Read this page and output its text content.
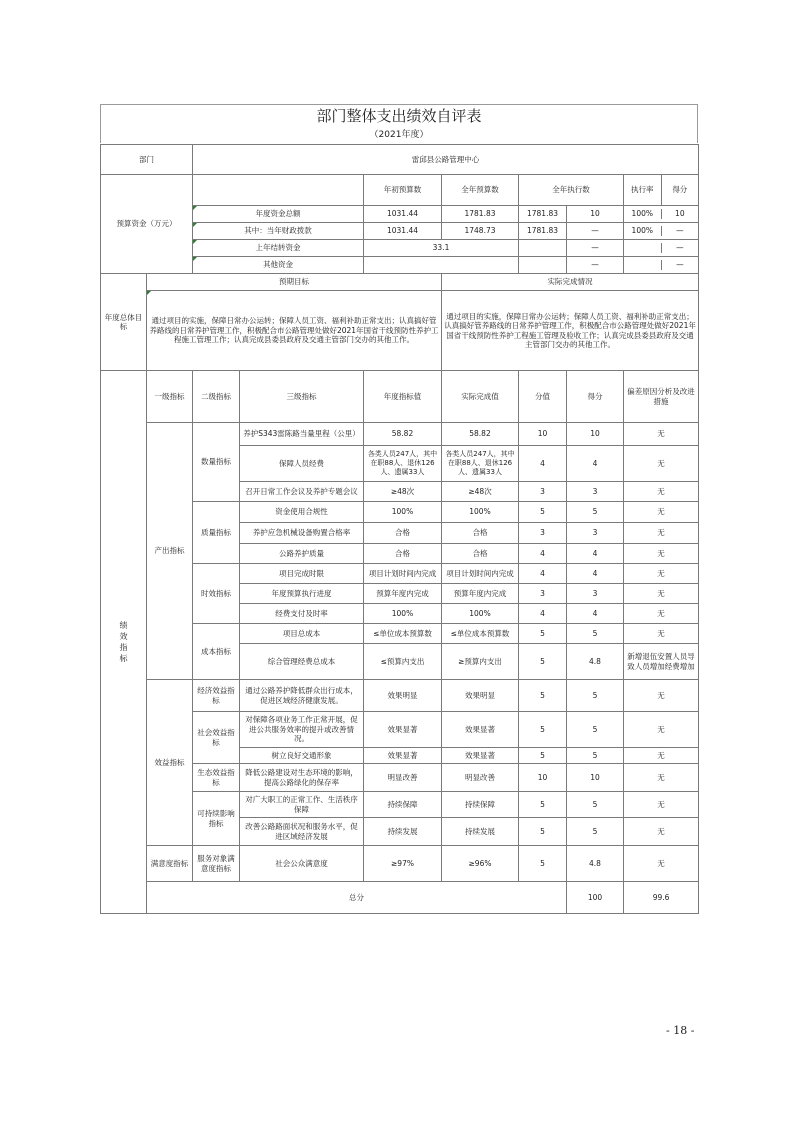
部门整体支出绩效自评表
（2021年度）
部门		雷邱县公路管理中心							
预算资金（万元）				年初预算数	全年预算数	全年执行数		执行率 得分	

		年度资金总额		1031.44	1781.83	1781.83	10	100% 10	

		其中：当年财政拨款		1031.44	1748.73	1781.83	—	100% —	

		上年结转资金		33.1			—	—	

		其他资金					—	—	

年度总体目标	预期目标				实际完成情况				
	通过项目的实施，保障日常办公运转；保障人员工资、福利补助正常支出；认真搞好管养路线的日常养护管理工作，积极配合市公路管理处做好2021年国省干线预防性养护工程施工管理工作；认真完成县委县政府及交通主管部门交办的其他工作。				通过项目的实施，保障日常办公运转；保障人员工资、福利补助正常支出；认真搞好管养路线的日常养护管理工作，积极配合市公路管理处做好2021年国省干线预防性养护工程施工管理及验收工作；认真完成县委县政府及交通主管部门交办的其他工作。				
绩效指标	一级指标	二级指标	三级指标	年度指标值	实际完成值	分值	得分	偏差原因分析及改进措施	
	产出指标	数量指标	养护S343雷陈路当量里程（公里）	58.82	58.82	10	10	无	
			保障人员经费	各类人员247人，其中在职88人、退休126人、遗属33人	各类人员247人，其中在职88人、退休126人、遗属33人	4	4	无	
			召开日常工作会议及养护专题会议	≥48次	≥48次	3	3	无	
		质量指标	资金使用合规性	100%	100%	5	5	无	
			养护应急机械设备购置合格率	合格	合格	3	3	无	
			公路养护质量	合格	合格	4	4	无	
		时效指标	项目完成时限	项目计划时间内完成	项目计划时间内完成	4	4	无	
			年度预算执行进度	预算年度内完成	预算年度内完成	3	3	无	
			经费支付及时率	100%	100%	4	4	无	
		成本指标	项目总成本	≤单位成本预算数	≤单位成本预算数	5	5	无	
			综合管理经费总成本	≤预算内支出	≥预算内支出	5	4.8	新增退伍安置人员导致人员增加经费增加	
	效益指标	经济效益指标	通过公路养护降低群众出行成本，促进区域经济健康发展。	效果明显	效果明显	5	5	无	
		社会效益指标	对保障各项业务工作正常开展，促进公共服务效率的提升或改善情况。	效果显著	效果显著	5	5	无	
			树立良好交通形象	效果显著	效果显著	5	5	无	
		生态效益指标	降低公路建设对生态环境的影响，提高公路绿化的保存率	明显改善	明显改善	10	10	无	
		可持续影响指标	对广大职工的正常工作、生活秩序保障	持续保障	持续保障	5	5	无	
			改善公路路面状况和服务水平，促进区域经济发展	持续发展	持续发展	5	5	无	
	满意度指标	服务对象满意度指标	社会公众满意度	≥97%	≥96%	5	4.8	无	
	总分						100	99.6	
- 18 -
